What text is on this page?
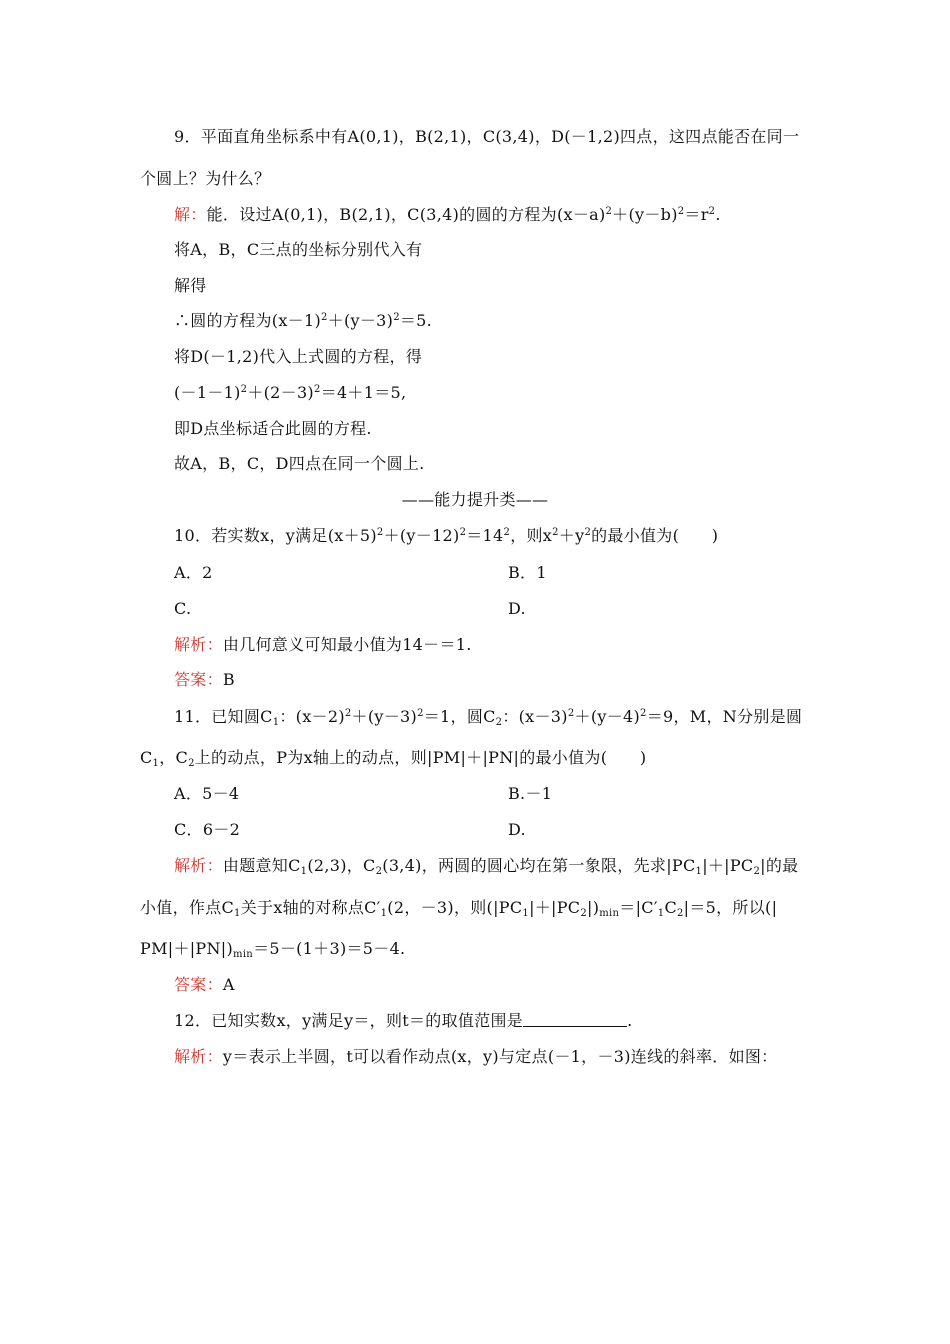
9．平面直角坐标系中有A(0,1)，B(2,1)，C(3,4)，D(－1,2)四点，这四点能否在同一
个圆上？为什么？
解：能．设过A(0,1)，B(2,1)，C(3,4)的圆的方程为$(x-a)^2+(y-b)^2=r^2$.
将A，B，C三点的坐标分别代入有
解得
∴圆的方程为$(x-1)^2+(y-3)^2=5$.
将D(－1,2)代入上式圆的方程，得
$(-1-1)^2+(2-3)^2=4+1=5$,
即D点坐标适合此圆的方程.
故A，B，C，D四点在同一个圆上.
——能力提升类——
10．若实数x，y满足$(x+5)^2+(y-12)^2=14^2$，则$x^2+y^2$的最小值为(　　)
A．2	B．1
C.	D.
解析：由几何意义可知最小值为14－＝1.
答案：B
11．已知圆$C_1$：$(x-2)^2+(y-3)^2=1$，圆$C_2$：$(x-3)^2+(y-4)^2=9$，M，N分别是圆
$C_1$，$C_2$上的动点，P为x轴上的动点，则|PM|＋|PN|的最小值为(　　)
A．5－4	B.－1
C．6－2	D.
解析：由题意知$C_1(2,3)$，$C_2(3,4)$，两圆的圆心均在第一象限，先求$|PC_1|+|PC_2|$的最
小值，作点$C_1$关于x轴的对称点$C'_1(2$，－3)，则$(|PC_1|+|PC_2|)_{min}=|C'_1C_2|=5$，所以(|
$PM|+|PN|)_{min}=5-(1+3)=5-4$.
答案：A
12．已知实数x，y满足y＝，则t＝的取值范围是	.
解析：y＝表示上半圆，t可以看作动点(x，y)与定点(－1，－3)连线的斜率．如图：
